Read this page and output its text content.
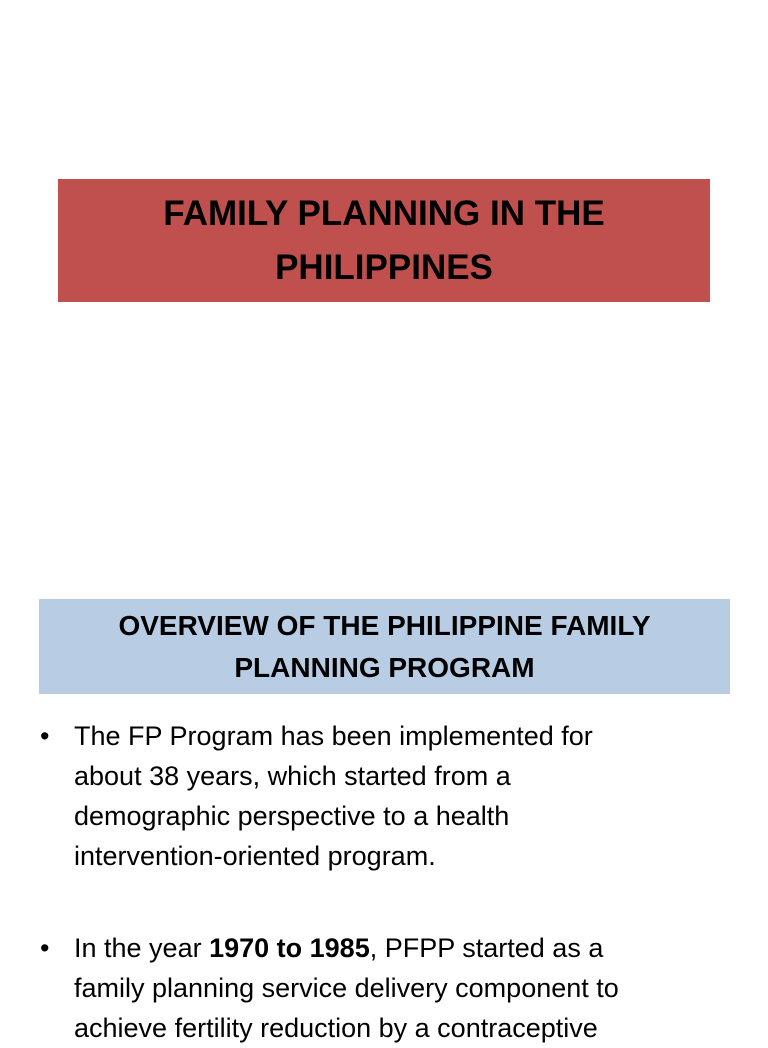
FAMILY PLANNING IN THE
PHILIPPINES
OVERVIEW OF THE PHILIPPINE FAMILY
PLANNING PROGRAM
• The FP Program has been implemented for
about 38 years, which started from a
demographic perspective to a health
intervention-oriented program.
• In the year 1970 to 1985, PFPP started as a
family planning service delivery component to
achieve fertility reduction by a contraceptive
